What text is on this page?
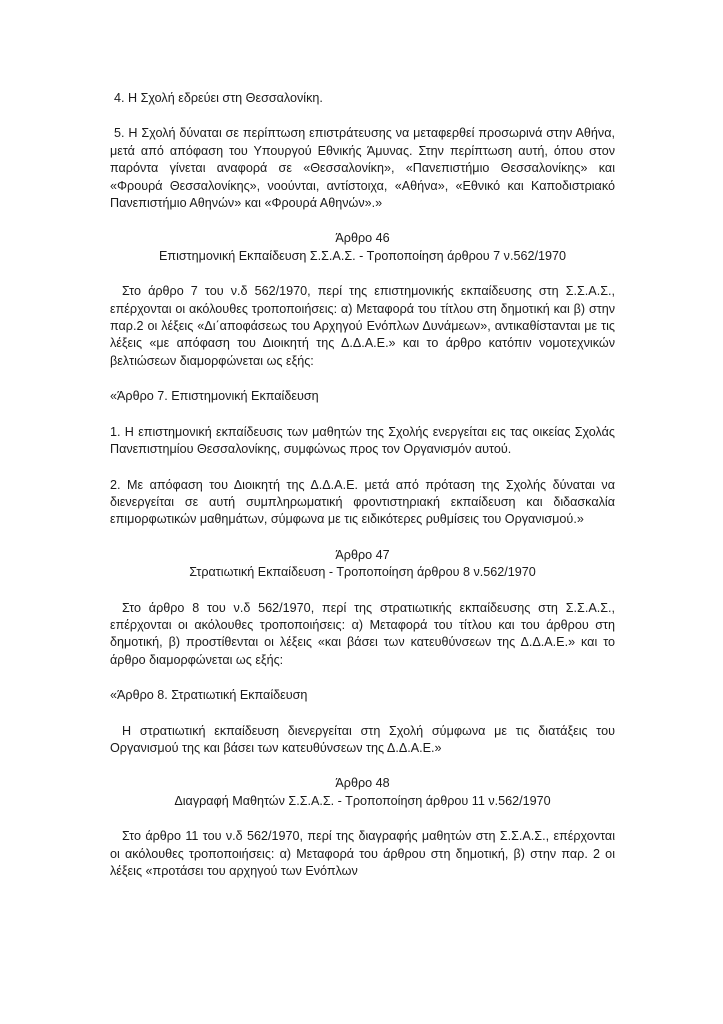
4. Η Σχολή εδρεύει στη Θεσσαλονίκη.

5. Η Σχολή δύναται σε περίπτωση επιστράτευσης να μεταφερθεί προσωρινά στην Αθήνα, μετά από απόφαση του Υπουργού Εθνικής Άμυνας. Στην περίπτωση αυτή, όπου στον παρόντα γίνεται αναφορά σε «Θεσσαλονίκη», «Πανεπιστήμιο Θεσσαλονίκης» και «Φρουρά Θεσσαλονίκης», νοούνται, αντίστοιχα, «Αθήνα», «Εθνικό και Καποδιστριακό Πανεπιστήμιο Αθηνών» και «Φρουρά Αθηνών».»

Άρθρο 46

Επιστημονική Εκπαίδευση Σ.Σ.Α.Σ. - Τροποποίηση άρθρου 7 ν.562/1970

Στο άρθρο 7 του ν.δ 562/1970, περί της επιστημονικής εκπαίδευσης στη Σ.Σ.Α.Σ., επέρχονται οι ακόλουθες τροποποιήσεις: α) Μεταφορά του τίτλου στη δημοτική και β) στην παρ.2 οι λέξεις «Δι΄αποφάσεως του Αρχηγού Ενόπλων Δυνάμεων», αντικαθίστανται με τις λέξεις «με απόφαση του Διοικητή της Δ.Δ.Α.Ε.» και το άρθρο κατόπιν νομοτεχνικών βελτιώσεων διαμορφώνεται ως εξής:

«Άρθρο 7. Επιστημονική Εκπαίδευση

1. Η επιστημονική εκπαίδευσις των μαθητών της Σχολής ενεργείται εις τας οικείας Σχολάς Πανεπιστημίου Θεσσαλονίκης, συμφώνως προς τον Οργανισμόν αυτού.

2. Με απόφαση του Διοικητή της Δ.Δ.Α.Ε. μετά από πρόταση της Σχολής δύναται να διενεργείται σε αυτή συμπληρωματική φροντιστηριακή εκπαίδευση και διδασκαλία επιμορφωτικών μαθημάτων, σύμφωνα με τις ειδικότερες ρυθμίσεις του Οργανισμού.»

Άρθρο 47

Στρατιωτική Εκπαίδευση - Τροποποίηση άρθρου 8 ν.562/1970

Στο άρθρο 8 του ν.δ 562/1970, περί της στρατιωτικής εκπαίδευσης στη Σ.Σ.Α.Σ., επέρχονται οι ακόλουθες τροποποιήσεις: α) Μεταφορά του τίτλου και του άρθρου στη δημοτική, β) προστίθενται οι λέξεις «και βάσει των κατευθύνσεων της Δ.Δ.Α.Ε.» και το άρθρο διαμορφώνεται ως εξής:

«Άρθρο 8. Στρατιωτική Εκπαίδευση

Η στρατιωτική εκπαίδευση διενεργείται στη Σχολή σύμφωνα με τις διατάξεις του Οργανισμού της και βάσει των κατευθύνσεων της Δ.Δ.Α.Ε.»

Άρθρο 48

Διαγραφή Μαθητών Σ.Σ.Α.Σ. - Τροποποίηση άρθρου 11 ν.562/1970

Στο άρθρο 11 του ν.δ 562/1970, περί της διαγραφής μαθητών στη Σ.Σ.Α.Σ., επέρχονται οι ακόλουθες τροποποιήσεις: α) Μεταφορά του άρθρου στη δημοτική, β) στην παρ. 2 οι λέξεις «προτάσει του αρχηγού των Ενόπλων
